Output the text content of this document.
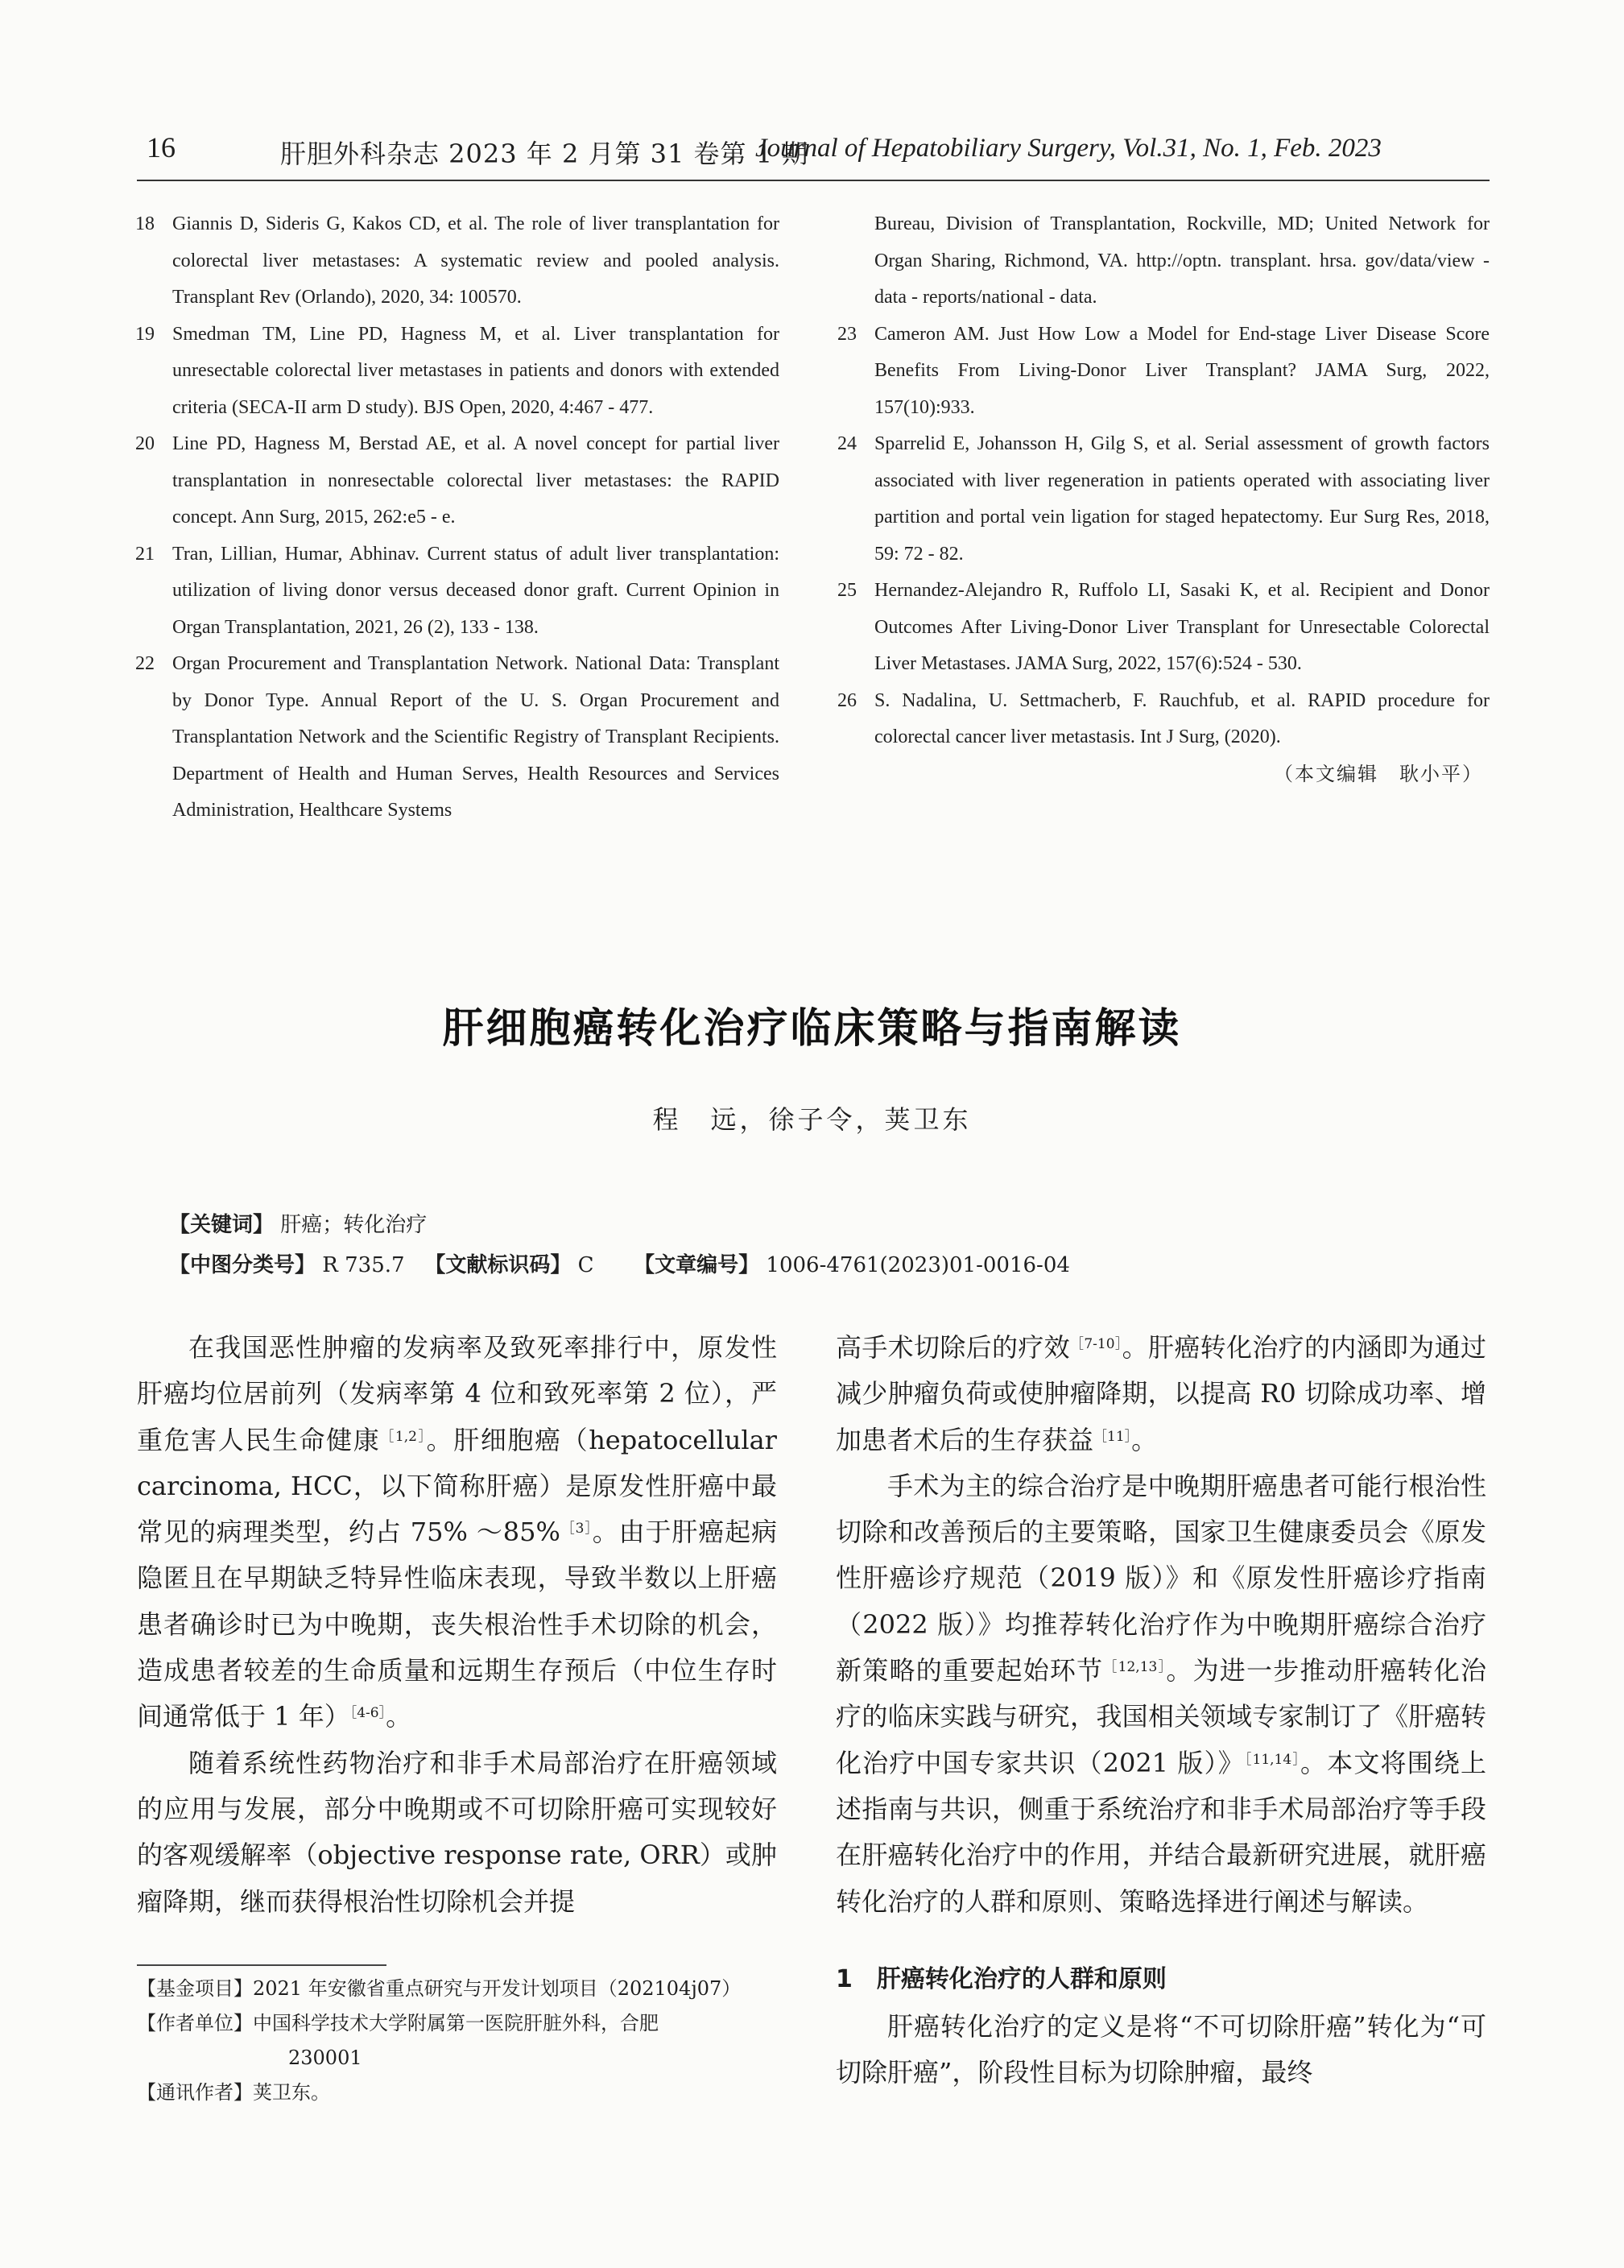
16	肝胆外科杂志 2023 年 2 月第 31 卷第 1 期
Journal of Hepatobiliary Surgery, Vol.31, No. 1, Feb. 2023
18 Giannis D, Sideris G, Kakos CD, et al. The role of liver transplantation for colorectal liver metastases: A systematic review and pooled analysis. Transplant Rev (Orlando), 2020, 34: 100570.
19 Smedman TM, Line PD, Hagness M, et al. Liver transplantation for unresectable colorectal liver metastases in patients and donors with extended criteria (SECA-II arm D study). BJS Open, 2020, 4:467 - 477.
20 Line PD, Hagness M, Berstad AE, et al. A novel concept for partial liver transplantation in nonresectable colorectal liver metastases: the RAPID concept. Ann Surg, 2015, 262:e5 - e.
21 Tran, Lillian, Humar, Abhinav. Current status of adult liver transplantation: utilization of living donor versus deceased donor graft. Current Opinion in Organ Transplantation, 2021, 26 (2), 133 - 138.
22 Organ Procurement and Transplantation Network. National Data: Transplant by Donor Type. Annual Report of the U. S. Organ Procurement and Transplantation Network and the Scientific Registry of Transplant Recipients. Department of Health and Human Serves, Health Resources and Services Administration, Healthcare Systems
Bureau, Division of Transplantation, Rockville, MD; United Network for Organ Sharing, Richmond, VA. http://optn. transplant. hrsa. gov/data/view - data - reports/national - data.
23 Cameron AM. Just How Low a Model for End-stage Liver Disease Score Benefits From Living-Donor Liver Transplant? JAMA Surg, 2022, 157(10):933.
24 Sparrelid E, Johansson H, Gilg S, et al. Serial assessment of growth factors associated with liver regeneration in patients operated with associating liver partition and portal vein ligation for staged hepatectomy. Eur Surg Res, 2018, 59: 72 - 82.
25 Hernandez-Alejandro R, Ruffolo LI, Sasaki K, et al. Recipient and Donor Outcomes After Living-Donor Liver Transplant for Unresectable Colorectal Liver Metastases. JAMA Surg, 2022, 157(6):524 - 530.
26 S. Nadalina, U. Settmacherb, F. Rauchfub, et al. RAPID procedure for colorectal cancer liver metastasis. Int J Surg, (2020).
（本文编辑　耿小平）
肝细胞癌转化治疗临床策略与指南解读
程　远，徐子令，荚卫东
【关键词】 肝癌；转化治疗
【中图分类号】 R 735.7 【文献标识码】 C 【文章编号】 1006-4761(2023)01-0016-04

在我国恶性肿瘤的发病率及致死率排行中，原发性肝癌均位居前列（发病率第 4 位和致死率第 2 位），严重危害人民生命健康$^{[1,2]}$。肝细胞癌（hepatocellular carcinoma, HCC，以下简称肝癌）是原发性肝癌中最常见的病理类型，约占 75% ～85%$^{[3]}$。由于肝癌起病隐匿且在早期缺乏特异性临床表现，导致半数以上肝癌患者确诊时已为中晚期，丧失根治性手术切除的机会，造成患者较差的生命质量和远期生存预后（中位生存时间通常低于 1 年）$^{[4-6]}$。

随着系统性药物治疗和非手术局部治疗在肝癌领域的应用与发展，部分中晚期或不可切除肝癌可实现较好的客观缓解率（objective response rate, ORR）或肿瘤降期，继而获得根治性切除机会并提

高手术切除后的疗效$^{[7-10]}$。肝癌转化治疗的内涵即为通过减少肿瘤负荷或使肿瘤降期，以提高 R0 切除成功率、增加患者术后的生存获益$^{[11]}$。

手术为主的综合治疗是中晚期肝癌患者可能行根治性切除和改善预后的主要策略，国家卫生健康委员会《原发性肝癌诊疗规范（2019 版）》和《原发性肝癌诊疗指南（2022 版）》均推荐转化治疗作为中晚期肝癌综合治疗新策略的重要起始环节$^{[12,13]}$。为进一步推动肝癌转化治疗的临床实践与研究，我国相关领域专家制订了《肝癌转化治疗中国专家共识（2021 版）》$^{[11,14]}$。本文将围绕上述指南与共识，侧重于系统治疗和非手术局部治疗等手段在肝癌转化治疗中的作用，并结合最新研究进展，就肝癌转化治疗的人群和原则、策略选择进行阐述与解读。

1　肝癌转化治疗的人群和原则

肝癌转化治疗的定义是将“不可切除肝癌”转化为“可切除肝癌”，阶段性目标为切除肿瘤，最终

【基金项目】2021 年安徽省重点研究与开发计划项目（202104j07）
【作者单位】中国科学技术大学附属第一医院肝脏外科，合肥
230001
【通讯作者】荚卫东。
